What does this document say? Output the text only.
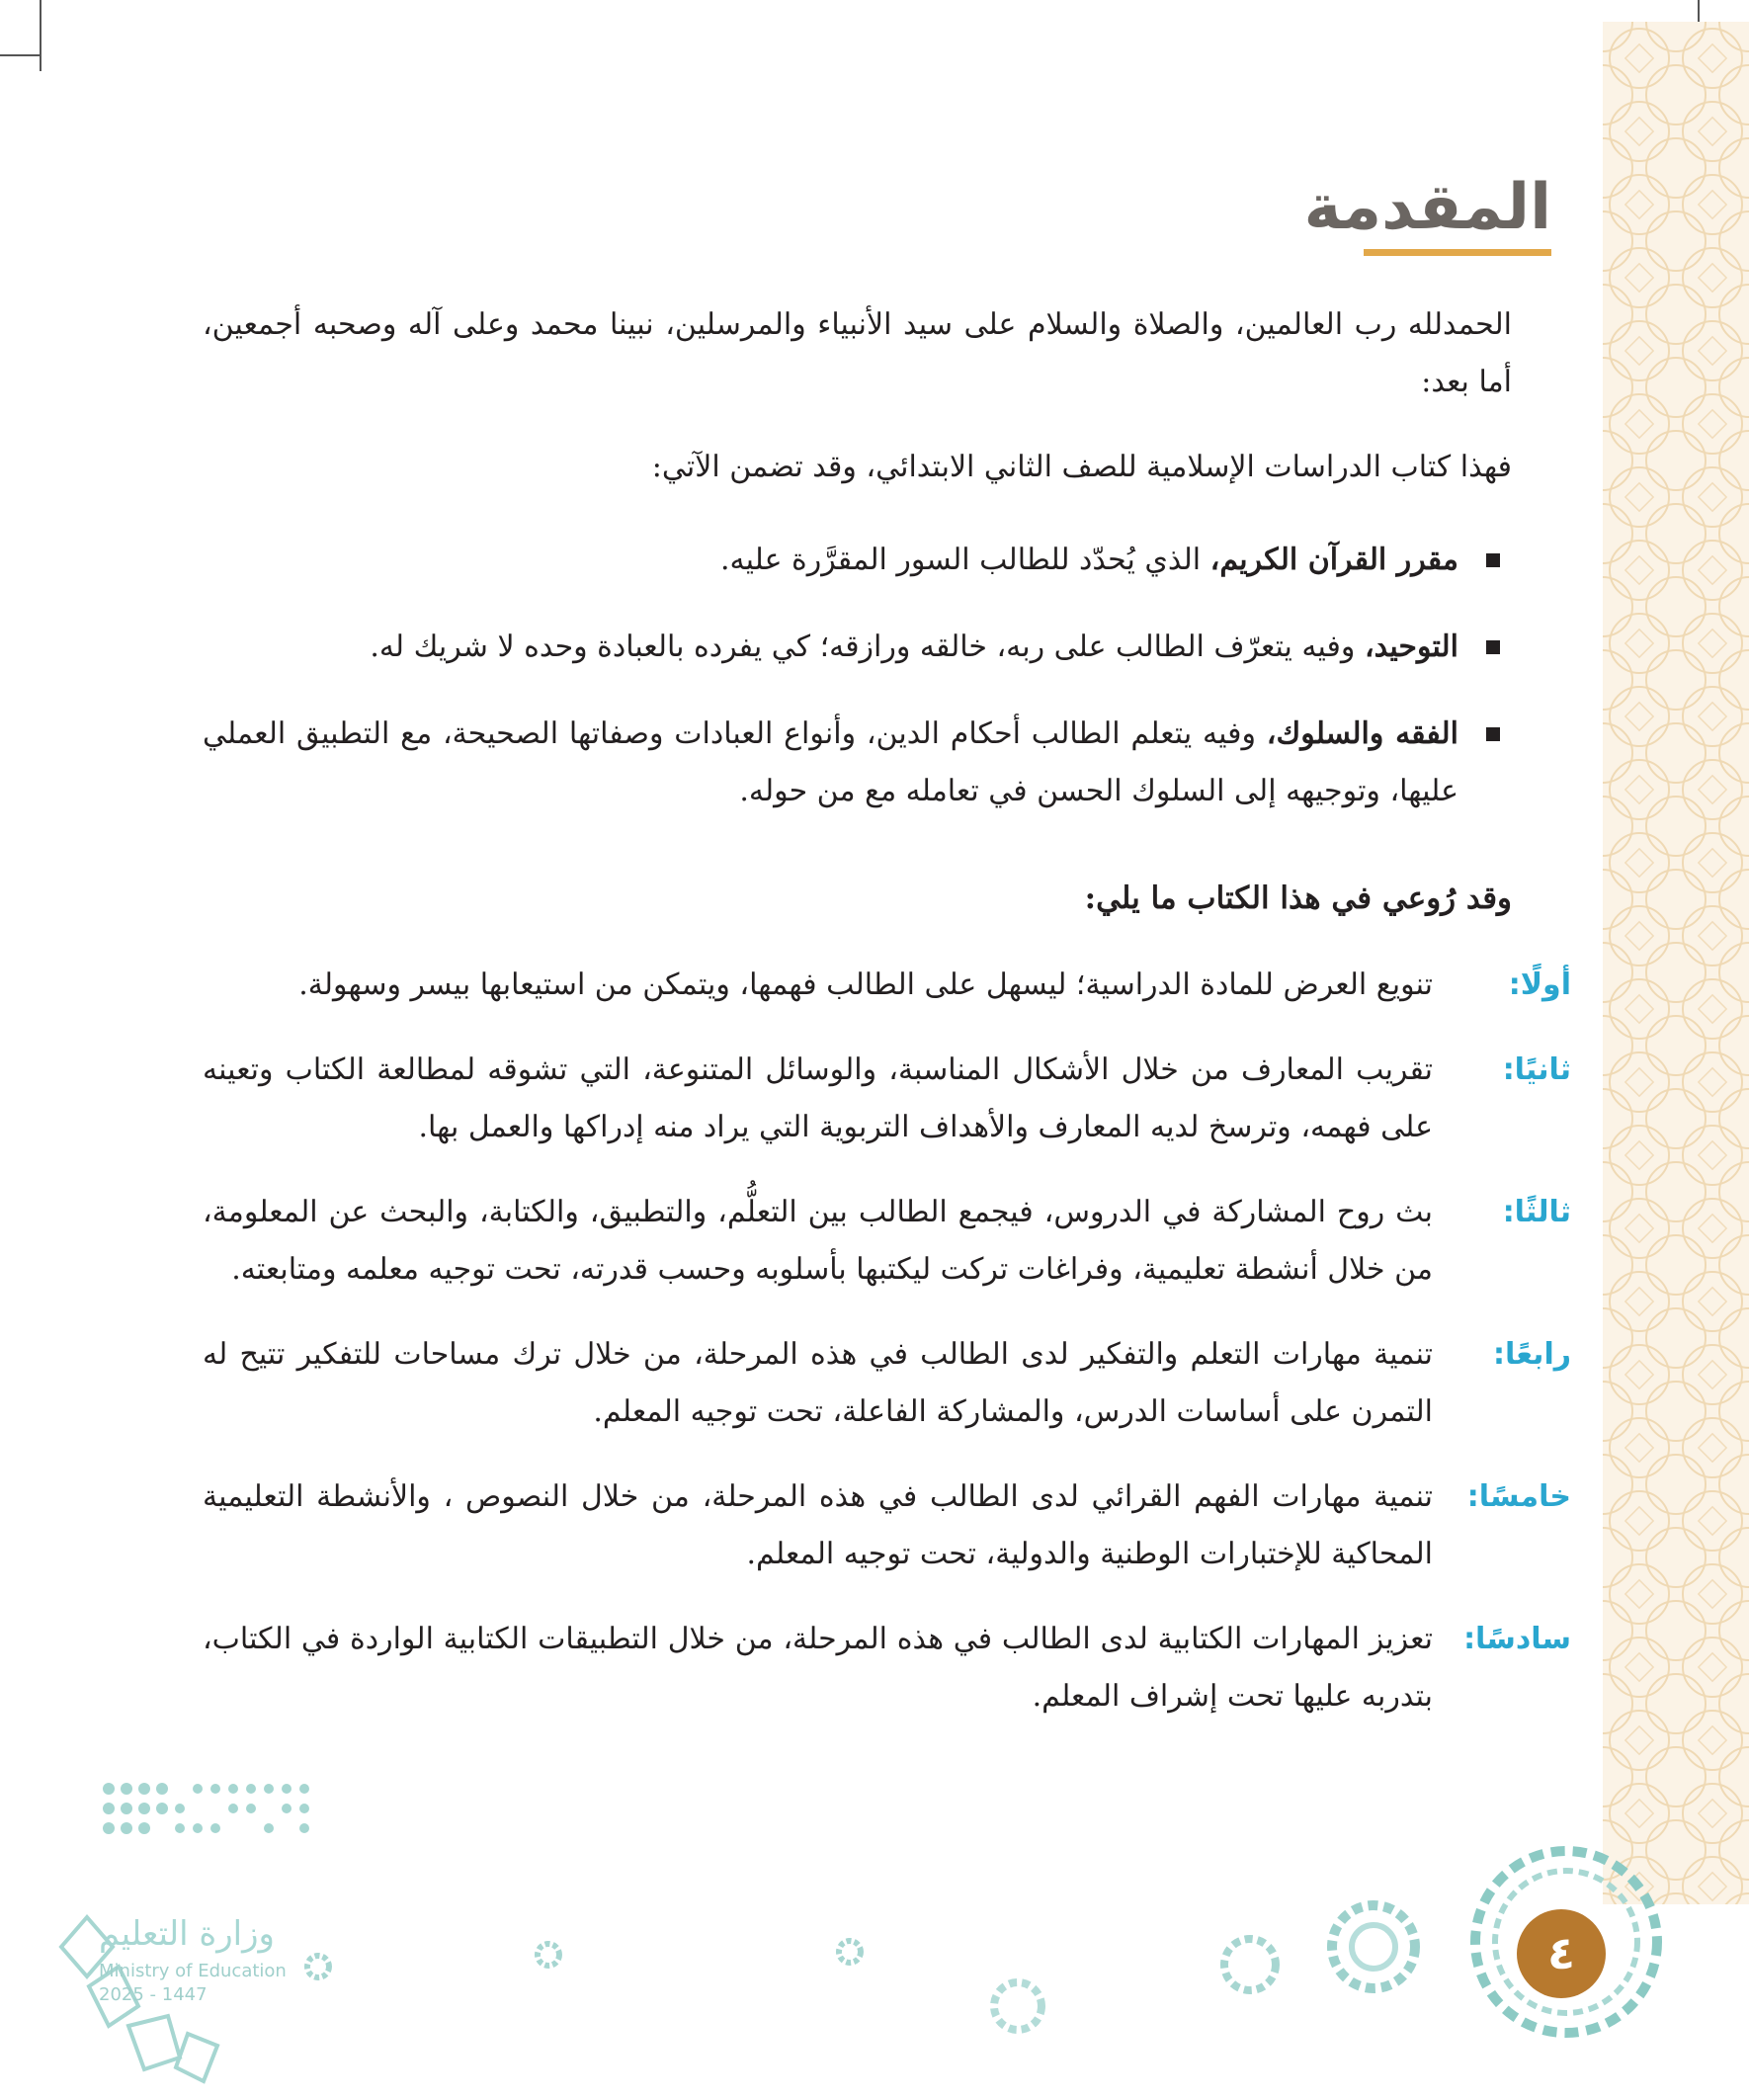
المقدمة

الحمدلله رب العالمين، والصلاة والسلام على سيد الأنبياء والمرسلين، نبينا محمد وعلى آله وصحبه أجمعين، أما بعد:

فهذا كتاب الدراسات الإسلامية للصف الثاني الابتدائي، وقد تضمن الآتي:

مقرر القرآن الكريم، الذي يُحدّد للطالب السور المقرَّرة عليه.
التوحيد، وفيه يتعرّف الطالب على ربه، خالقه ورازقه؛ كي يفرده بالعبادة وحده لا شريك له.
الفقه والسلوك، وفيه يتعلم الطالب أحكام الدين، وأنواع العبادات وصفاتها الصحيحة، مع التطبيق العملي عليها، وتوجيهه إلى السلوك الحسن في تعامله مع من حوله.

وقد رُوعي في هذا الكتاب ما يلي:

أولًا:
تنويع العرض للمادة الدراسية؛ ليسهل على الطالب فهمها، ويتمكن من استيعابها بيسر وسهولة.

ثانيًا:
تقريب المعارف من خلال الأشكال المناسبة، والوسائل المتنوعة، التي تشوقه لمطالعة الكتاب وتعينه على فهمه، وترسخ لديه المعارف والأهداف التربوية التي يراد منه إدراكها والعمل بها.

ثالثًا:
بث روح المشاركة في الدروس، فيجمع الطالب بين التعلُّم، والتطبيق، والكتابة، والبحث عن المعلومة، من خلال أنشطة تعليمية، وفراغات تركت ليكتبها بأسلوبه وحسب قدرته، تحت توجيه معلمه ومتابعته.

رابعًا:
تنمية مهارات التعلم والتفكير لدى الطالب في هذه المرحلة، من خلال ترك مساحات للتفكير تتيح له التمرن على أساسات الدرس، والمشاركة الفاعلة، تحت توجيه المعلم.

خامسًا:
تنمية مهارات الفهم القرائي لدى الطالب في هذه المرحلة، من خلال النصوص ، والأنشطة التعليمية المحاكية للإختبارات الوطنية والدولية، تحت توجيه المعلم.

سادسًا:
تعزيز المهارات الكتابية لدى الطالب في هذه المرحلة، من خلال التطبيقات الكتابية الواردة في الكتاب، بتدربه عليها تحت إشراف المعلم.

وزارة التعليم
Ministry of Education
2025 - 1447
٤
